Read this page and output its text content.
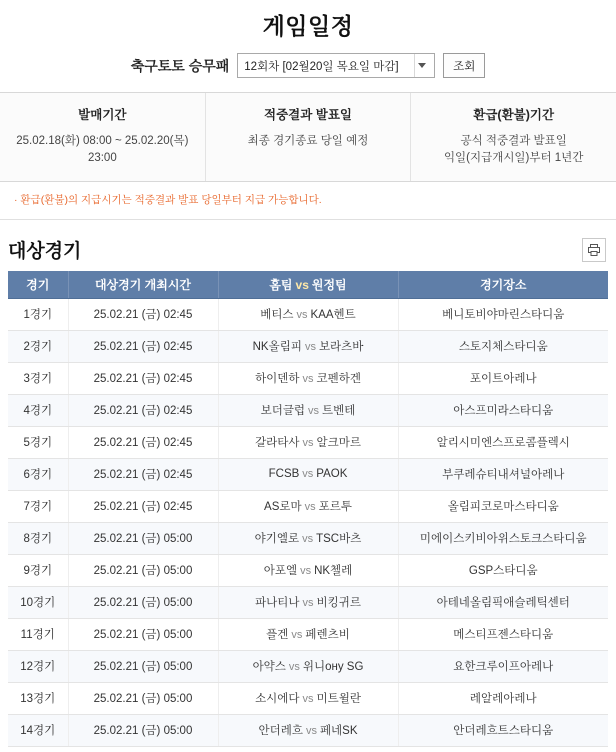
게임일정
축구토토 승무패 12회차 [02월20일 목요일 마감]	조회
발매기간
25.02.18(화) 08:00 ~ 25.02.20(목) 23:00
적중결과 발표일
최종 경기종료 당일 예정
환급(환불)기간
공식 적중결과 발표일
익일(지급개시일)부터 1년간
· 환급(환불)의 지급시기는 적중결과 발표 당일부터 지급 가능합니다.
대상경기
경기	대상경기 개최시간	홈팀 vs 원정팀	경기장소
1경기	25.02.21 (금) 02:45	베티스 vs KAA헨트	베니토비야마린스타디움
2경기	25.02.21 (금) 02:45	NK올림피 vs 보라츠바	스토지체스타디움
3경기	25.02.21 (금) 02:45	하이덴하 vs 코펜하겐	포이트아레나
4경기	25.02.21 (금) 02:45	보더글럽 vs 트벤테	아스프미라스타디움
5경기	25.02.21 (금) 02:45	갈라타사 vs 알크마르	알리시미엔스프로콤플렉시
6경기	25.02.21 (금) 02:45	FCSB vs PAOK	부쿠레슈티내셔널아레나
7경기	25.02.21 (금) 02:45	AS로마 vs 포르투	올림피코로마스타디움
8경기	25.02.21 (금) 05:00	야기엘로 vs TSC바츠	미에이스키비아위스토크스타디움
9경기	25.02.21 (금) 05:00	아포엘 vs NK첼레	GSP스타디움
10경기	25.02.21 (금) 05:00	파나티나 vs 비킹귀르	아테네올림픽애슬레틱센터
11경기	25.02.21 (금) 05:00	플겐 vs 페렌츠비	메스티프젠스타디움
12경기	25.02.21 (금) 05:00	아약스 vs 위니ону SG	요한크루이프아레나
13경기	25.02.21 (금) 05:00	소시에다 vs 미트윌란	레알레아레나
14경기	25.02.21 (금) 05:00	안더레흐 vs 페네SK	안더레흐트스타디움
